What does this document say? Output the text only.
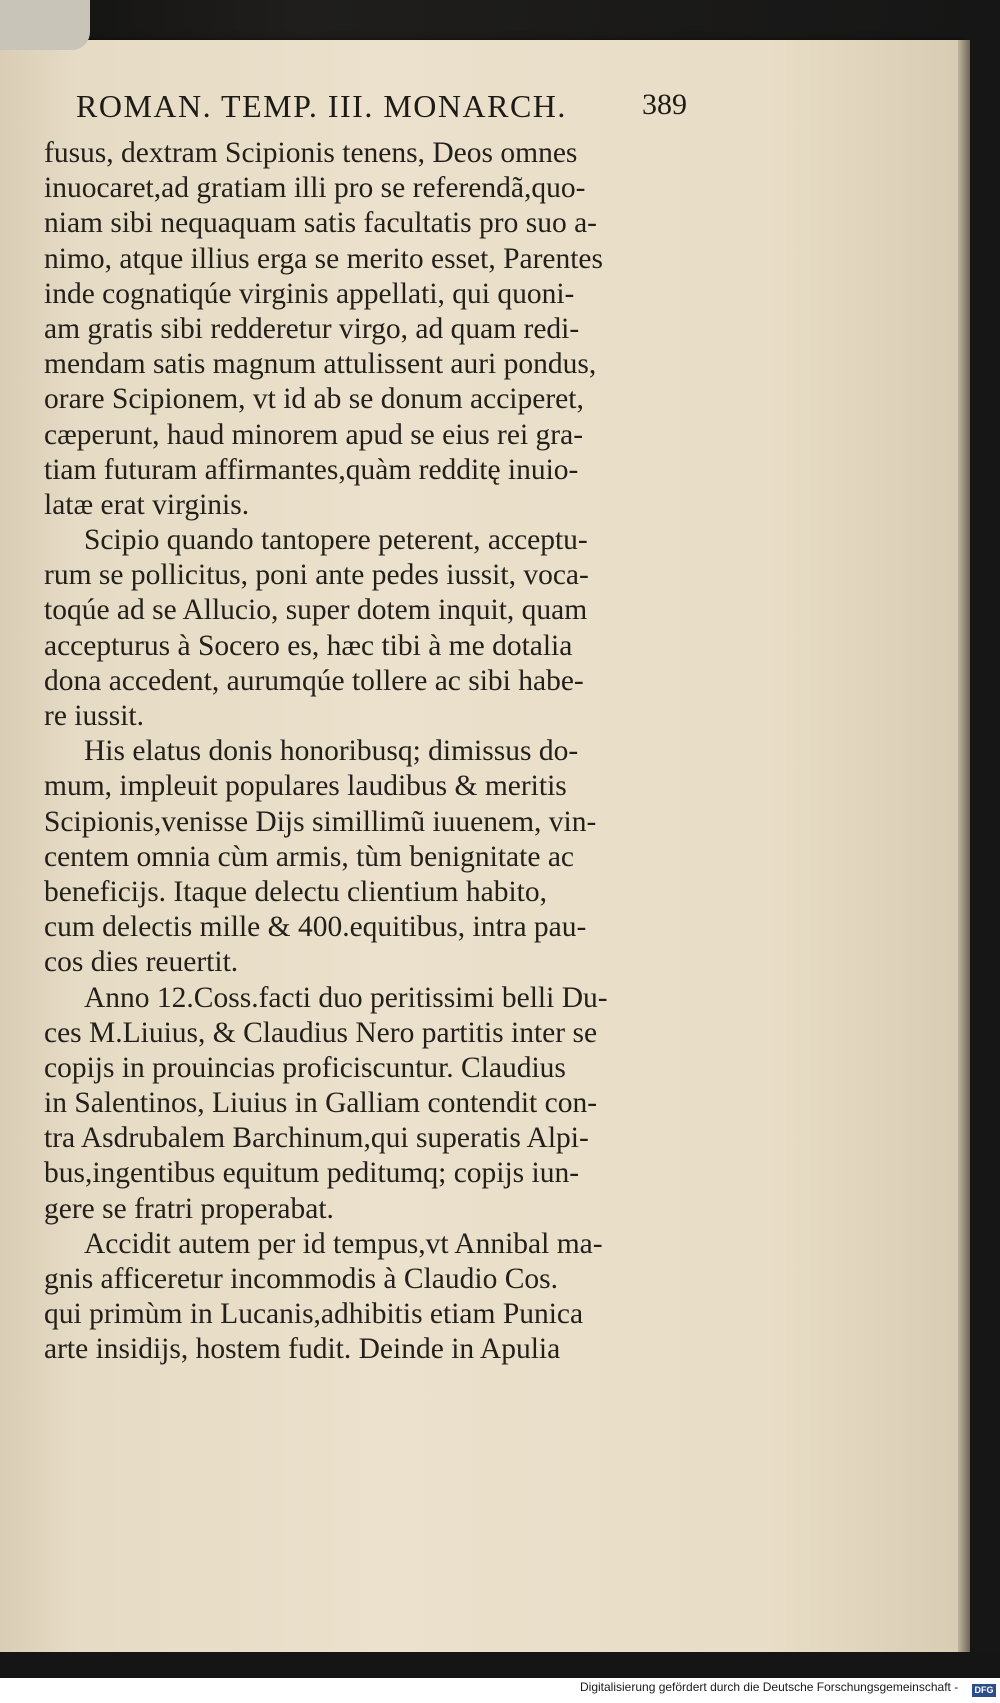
ROMAN. TEMP. III. MONARCH.	389
fusus, dextram Scipionis tenens, Deos omnes
inuocaret,ad gratiam illi pro se referendã,quo-
niam sibi nequaquam satis facultatis pro suo a-
nimo, atque illius erga se merito esset, Parentes
inde cognatiqúe virginis appellati, qui quoni-
am gratis sibi redderetur virgo, ad quam redi-
mendam satis magnum attulissent auri pondus,
orare Scipionem, vt id ab se donum acciperet,
cæperunt, haud minorem apud se eius rei gra-
tiam futuram affirmantes,quàm redditę inuio-
latæ erat virginis.
Scipio quando tantopere peterent, acceptu-
rum se pollicitus, poni ante pedes iussit, voca-
toqúe ad se Allucio, super dotem inquit, quam
accepturus à Socero es, hæc tibi à me dotalia
dona accedent, aurumqúe tollere ac sibi habe-
re iussit.
His elatus donis honoribusq; dimissus do-
mum, impleuit populares laudibus & meritis
Scipionis,venisse Dijs simillimũ iuuenem, vin-
centem omnia cùm armis, tùm benignitate ac
beneficijs. Itaque delectu clientium habito,
cum delectis mille & 400.equitibus, intra pau-
cos dies reuertit.
Anno 12.Coss.facti duo peritissimi belli Du-
ces M.Liuius, & Claudius Nero partitis inter se
copijs in prouincias proficiscuntur. Claudius
in Salentinos, Liuius in Galliam contendit con-
tra Asdrubalem Barchinum,qui superatis Alpi-
bus,ingentibus equitum peditumq; copijs iun-
gere se fratri properabat.
Accidit autem per id tempus,vt Annibal ma-
gnis afficeretur incommodis à Claudio Cos.
qui primùm in Lucanis,adhibitis etiam Punica
arte insidijs, hostem fudit. Deinde in Apulia
Digitalisierung gefördert durch die Deutsche Forschungsgemeinschaft -	DFG
